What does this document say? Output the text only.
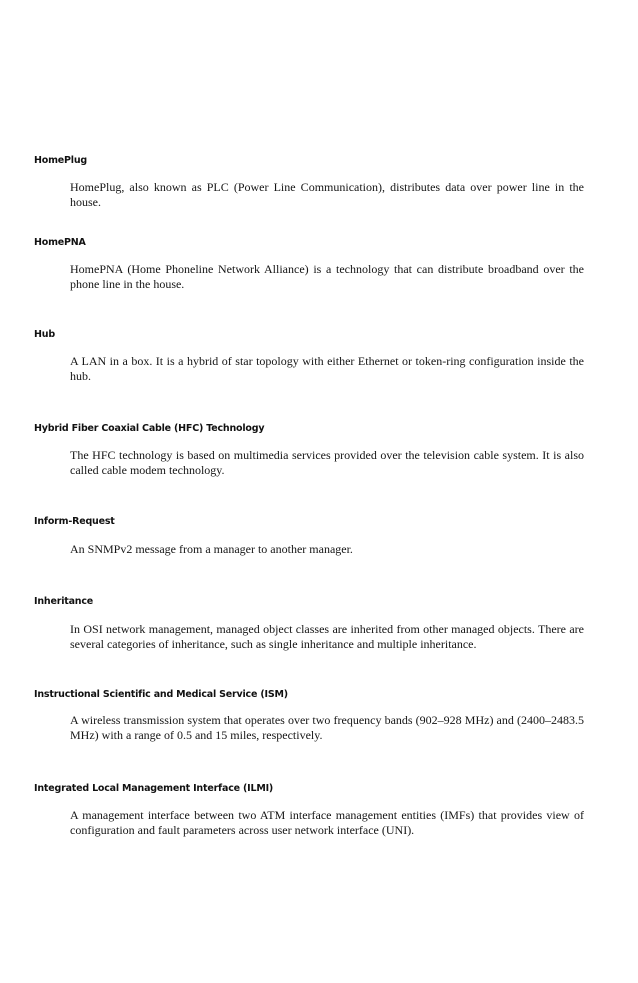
HomePlug
HomePlug, also known as PLC (Power Line Communication), distributes data over power line in the house.
HomePNA
HomePNA (Home Phoneline Network Alliance) is a technology that can distribute broadband over the phone line in the house.
Hub
A LAN in a box. It is a hybrid of star topology with either Ethernet or token-ring configuration inside the hub.
Hybrid Fiber Coaxial Cable (HFC) Technology
The HFC technology is based on multimedia services provided over the television cable system. It is also called cable modem technology.
Inform-Request
An SNMPv2 message from a manager to another manager.
Inheritance
In OSI network management, managed object classes are inherited from other managed objects. There are several categories of inheritance, such as single inheritance and multiple inheritance.
Instructional Scientific and Medical Service (ISM)
A wireless transmission system that operates over two frequency bands (902–928 MHz) and (2400–2483.5 MHz) with a range of 0.5 and 15 miles, respectively.
Integrated Local Management Interface (ILMI)
A management interface between two ATM interface management entities (IMFs) that provides view of configuration and fault parameters across user network interface (UNI).
